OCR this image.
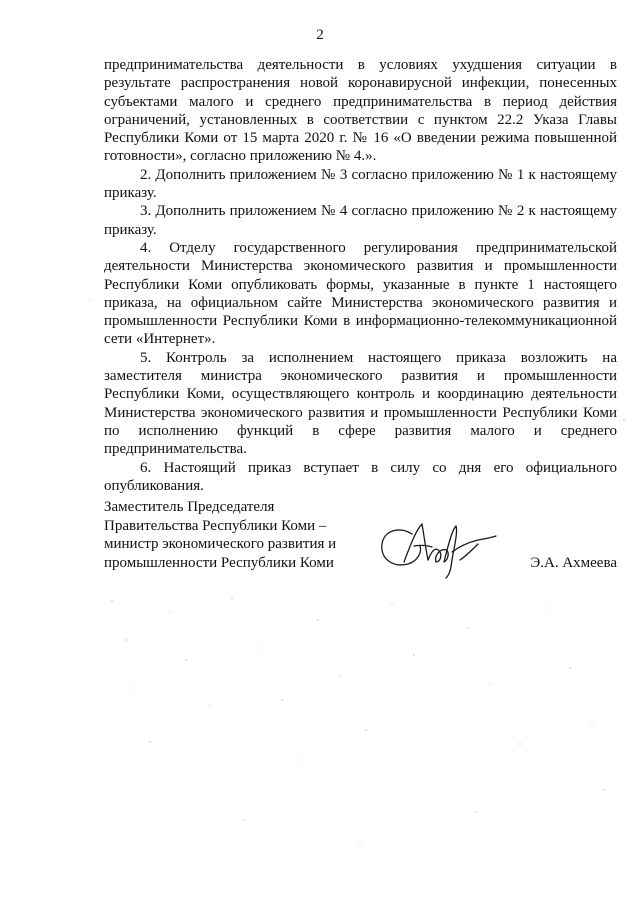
2

предпринимательства деятельности в условиях ухудшения ситуации в результате распространения новой коронавирусной инфекции, понесенных субъектами малого и среднего предпринимательства в период действия ограничений, установленных в соответствии с пунктом 22.2 Указа Главы Республики Коми от 15 марта 2020 г. № 16 «О введении режима повышенной готовности», согласно приложению № 4.».

2. Дополнить приложением № 3 согласно приложению № 1 к настоящему приказу.

3. Дополнить приложением № 4 согласно приложению № 2 к настоящему приказу.

4. Отделу государственного регулирования предпринимательской деятельности Министерства экономического развития и промышленности Республики Коми опубликовать формы, указанные в пункте 1 настоящего приказа, на официальном сайте Министерства экономического развития и промышленности Республики Коми в информационно-телекоммуникационной сети «Интернет».

5. Контроль за исполнением настоящего приказа возложить на заместителя министра экономического развития и промышленности Республики Коми, осуществляющего контроль и координацию деятельности Министерства экономического развития и промышленности Республики Коми по исполнению функций в сфере развития малого и среднего предпринимательства.

6. Настоящий приказ вступает в силу со дня его официального опубликования.

Заместитель Председателя
Правительства Республики Коми –
министр экономического развития и
промышленности Республики Коми	Э.А. Ахмеева
